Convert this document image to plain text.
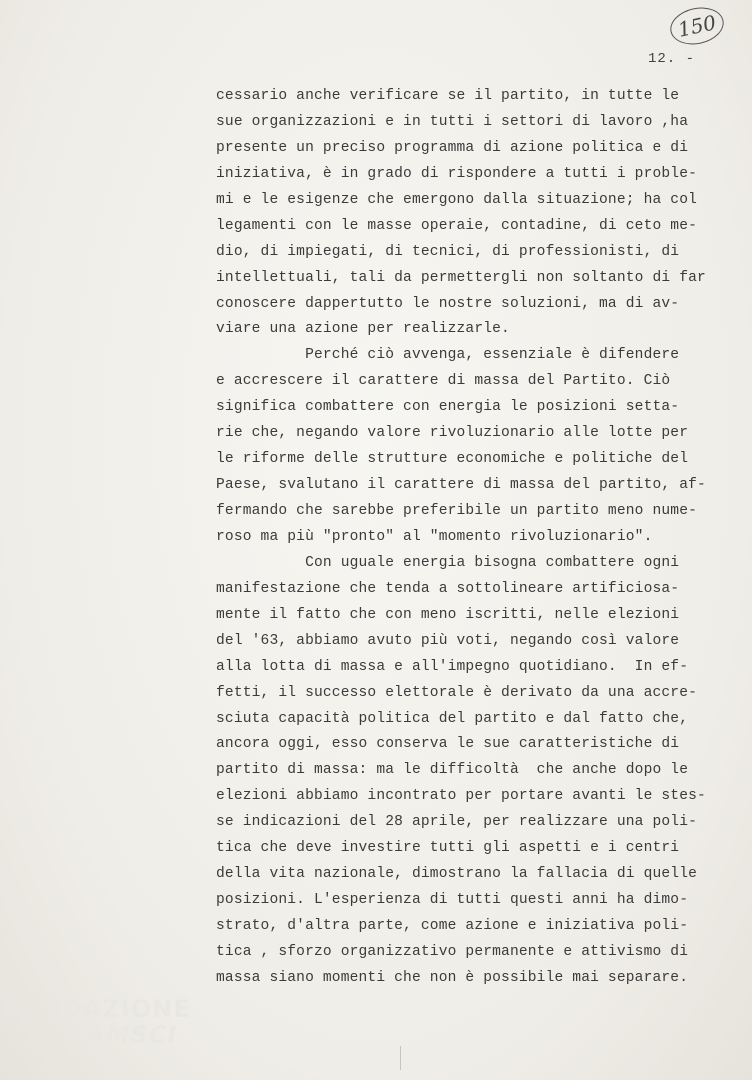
150
12. -
cessario anche verificare se il partito, in tutte le
sue organizzazioni e in tutti i settori di lavoro ,ha
presente un preciso programma di azione politica e di
iniziativa, è in grado di rispondere a tutti i proble-
mi e le esigenze che emergono dalla situazione; ha col
legamenti con le masse operaie, contadine, di ceto me-
dio, di impiegati, di tecnici, di professionisti, di
intellettuali, tali da permettergli non soltanto di far
conoscere dappertutto le nostre soluzioni, ma di av-
viare una azione per realizzarle.
Perché ciò avvenga, essenziale è difendere
e accrescere il carattere di massa del Partito. Ciò
significa combattere con energia le posizioni setta-
rie che, negando valore rivoluzionario alle lotte per
le riforme delle strutture economiche e politiche del
Paese, svalutano il carattere di massa del partito, af-
fermando che sarebbe preferibile un partito meno nume-
roso ma più "pronto" al "momento rivoluzionario".
Con uguale energia bisogna combattere ogni
manifestazione che tenda a sottolineare artificiosa-
mente il fatto che con meno iscritti, nelle elezioni
del '63, abbiamo avuto più voti, negando così valore
alla lotta di massa e all'impegno quotidiano.  In ef-
fetti, il successo elettorale è derivato da una accre-
sciuta capacità politica del partito e dal fatto che,
ancora oggi, esso conserva le sue caratteristiche di
partito di massa: ma le difficoltà  che anche dopo le
elezioni abbiamo incontrato per portare avanti le stes-
se indicazioni del 28 aprile, per realizzare una poli-
tica che deve investire tutti gli aspetti e i centri
della vita nazionale, dimostrano la fallacia di quelle
posizioni. L'esperienza di tutti questi anni ha dimo-
strato, d'altra parte, come azione e iniziativa poli-
tica , sforzo organizzativo permanente e attivismo di
massa siano momenti che non è possibile mai separare.
FONDAZIONE
GRAMSCI
